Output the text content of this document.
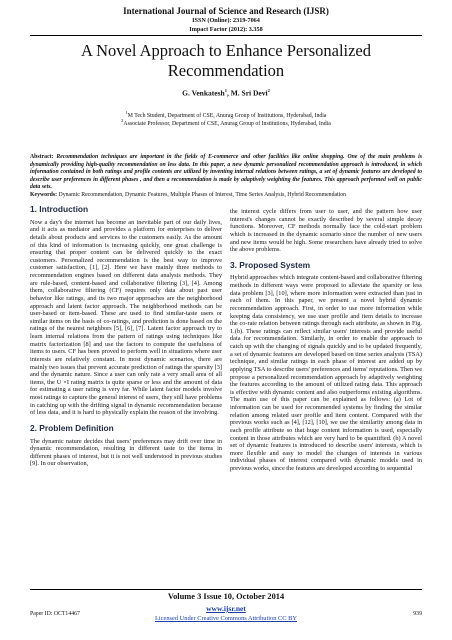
International Journal of Science and Research (IJSR)
ISSN (Online): 2319-7064
Impact Factor (2012): 3.358
A Novel Approach to Enhance Personalized Recommendation
G. Venkatesh$^1$, M. Sri Devi$^2$
$^1$M Tech Student, Department of CSE, Anurag Group of Institutions, Hyderabad, India
$^2$Associate Professor, Department of CSE, Anurag Group of Institutions, Hyderabad, India
Abstract: Recommendation techniques are important in the fields of E-commerce and other facilities like online shopping. One of the main problems is dynamically providing high-quality recommendation on less data. In this paper, a new dynamic personalized recommendation approach is introduced, in which information contained in both ratings and profile contents are utilized by inventing internal relations between ratings, a set of dynamic features are developed to describe user preferences in different phases , and then a recommendation is made by adaptively weighting the features. This approach performed well on public data sets.
Keywords: Dynamic Recommendation, Dynamic Features, Multiple Phases of Interest, Time Series Analysis, Hybrid Recommendation

1. Introduction

Now a day's the internet has become an inevitable part of our daily lives, and it acts as mediator and provides a platform for enterprises to deliver details about products and services to the customers easily. As the amount of this kind of information is increasing quickly, one great challenge is ensuring that proper content can be delivered quickly to the exact customers. Personalized recommendation is the best way to improve customer satisfaction, [1], [2]. Here we have mainly three methods to recommendation engines based on different data analysis methods. They are rule-based, content-based and collaborative filtering [3], [4]. Among them, collaborative filtering (CF) requires only data about past user behavior like ratings, and its two major approaches are the neighborhood approach and latent factor approach. The neighborhood methods can be user-based or item-based. These are used to find similar-taste users or similar items on the basis of co-ratings, and prediction is done based on the ratings of the nearest neighbors [5], [6], [7]. Latent factor approach try to learn internal relations from the pattern of ratings using techniques like matrix factorization [8] and use the factors to compute the usefulness of items to users. CF has been proved to perform well in situations where user interests are relatively constant. In most dynamic scenarios, there are mainly two issues that prevent accurate prediction of ratings the sparsity [3] and the dynamic nature. Since a user can only rate a very small area of all items, the U ×I rating matrix is quite sparse or less and the amount of data for estimating a user rating is very far. While latent factor models involve most ratings to capture the general interest of users, they still have problems in catching up with the drifting signal in dynamic recommendation because of less data, and it is hard to physically explain the reason of the involving.

2. Problem Definition

The dynamic nature decides that users' preferences may drift over time in dynamic recommendation, resulting in different taste to the items in different phases of interest, but it is not well understood in previous studies [9]. In our observation,

the interest cycle differs from user to user, and the pattern how user interest's changes cannot be exactly described by several simple decay functions. Moreover, CF methods normally face the cold-start problem which is increased in the dynamic scenario since the number of new users and new items would be high. Some researchers have already tried to solve the above problems.

3. Proposed System

Hybrid approaches which integrate content-based and collaborative filtering methods in different ways were proposed to alleviate the sparsity or less data problem [3], [10], where more information were extracted than just in each of them. In this paper, we present a novel hybrid dynamic recommendation approach. First, in order to use more information while keeping data consistency, we use user profile and item details to increase the co-rate relation between ratings through each attribute, as shown in Fig. 1.(b). These ratings can reflect similar users' interests and provide useful data for recommendation. Similarly, in order to enable the approach to catch up with the changing of signals quickly and to be updated frequently, a set of dynamic features are developed based on time series analysis (TSA) technique, and similar ratings in each phase of interest are added up by applying TSA to describe users' preferences and items' reputations. Then we propose a personalized recommendation approach by adaptively weighting the features according to the amount of utilized rating data. This approach is effective with dynamic content and also outperforms existing algorithms. The main use of this paper can be explained as follows: (a) Lot of information can be used for recommended systems by finding the similar relation among related user profile and item content. Compared with the previous works such as [4], [12], [10], we use the similarity among data in each profile attribute so that huge content information is used, especially content in those attributes which are very hard to be quantified. (b) A novel set of dynamic features is introduced to describe users' interests, which is more flexible and easy to model the changes of interests in various individual phases of interest compared with dynamic models used in previous works, since the features are developed according to sequential

Volume 3 Issue 10, October 2014
www.ijsr.net
Licensed Under Creative Commons Attribution CC BY
Paper ID: OCT14467	939
